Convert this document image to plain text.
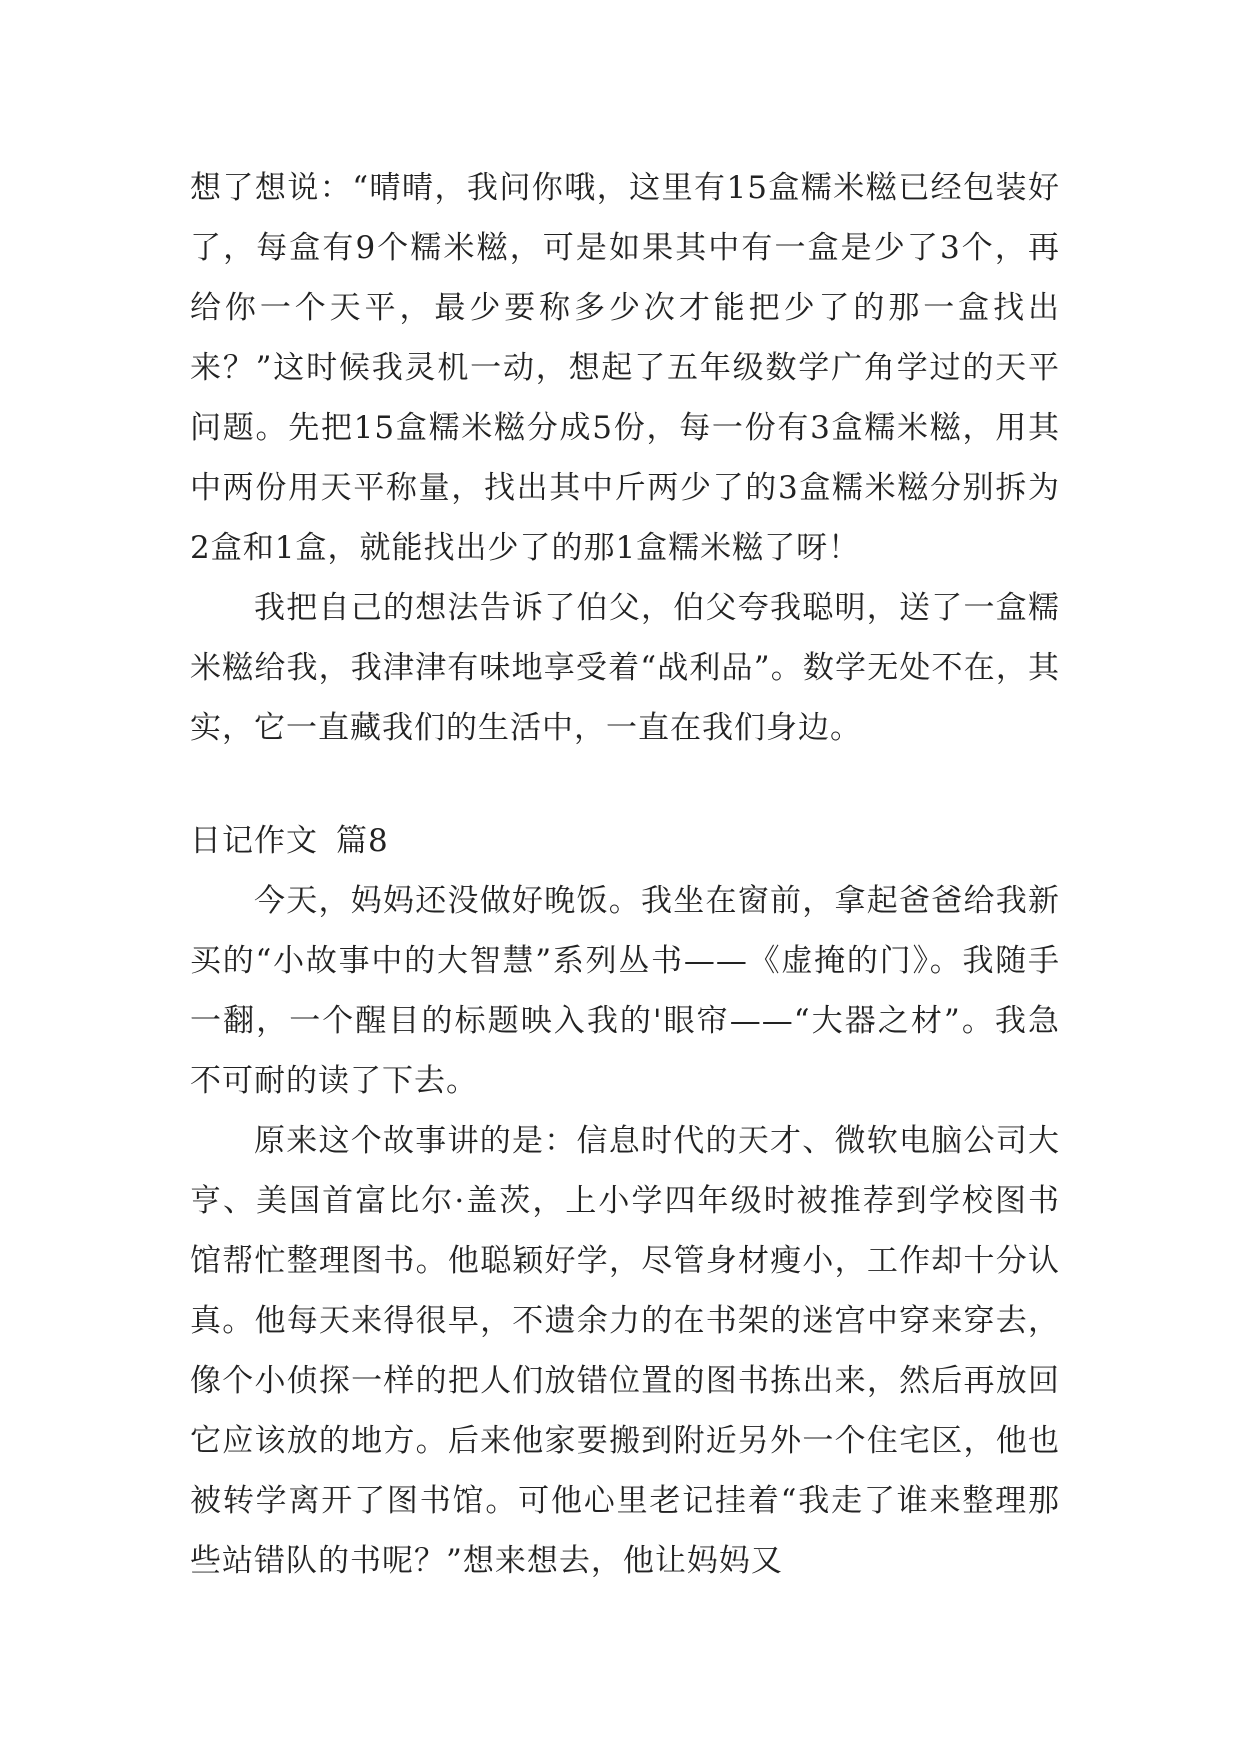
想了想说：“晴晴，我问你哦，这里有15盒糯米糍已经包装好了，每盒有9个糯米糍，可是如果其中有一盒是少了3个，再给你一个天平，最少要称多少次才能把少了的那一盒找出来？”这时候我灵机一动，想起了五年级数学广角学过的天平问题。先把15盒糯米糍分成5份，每一份有3盒糯米糍，用其中两份用天平称量，找出其中斤两少了的3盒糯米糍分别拆为2盒和1盒，就能找出少了的那1盒糯米糍了呀！

我把自己的想法告诉了伯父，伯父夸我聪明，送了一盒糯米糍给我，我津津有味地享受着“战利品”。数学无处不在，其实，它一直藏我们的生活中，一直在我们身边。

日记作文 篇8

今天，妈妈还没做好晚饭。我坐在窗前，拿起爸爸给我新买的“小故事中的大智慧”系列丛书——《虚掩的门》。我随手一翻，一个醒目的标题映入我的'眼帘——“大器之材”。我急不可耐的读了下去。

原来这个故事讲的是：信息时代的天才、微软电脑公司大亨、美国首富比尔·盖茨，上小学四年级时被推荐到学校图书馆帮忙整理图书。他聪颖好学，尽管身材瘦小，工作却十分认真。他每天来得很早，不遗余力的在书架的迷宫中穿来穿去，像个小侦探一样的把人们放错位置的图书拣出来，然后再放回它应该放的地方。后来他家要搬到附近另外一个住宅区，他也被转学离开了图书馆。可他心里老记挂着“我走了谁来整理那些站错队的书呢？”想来想去，他让妈妈又
